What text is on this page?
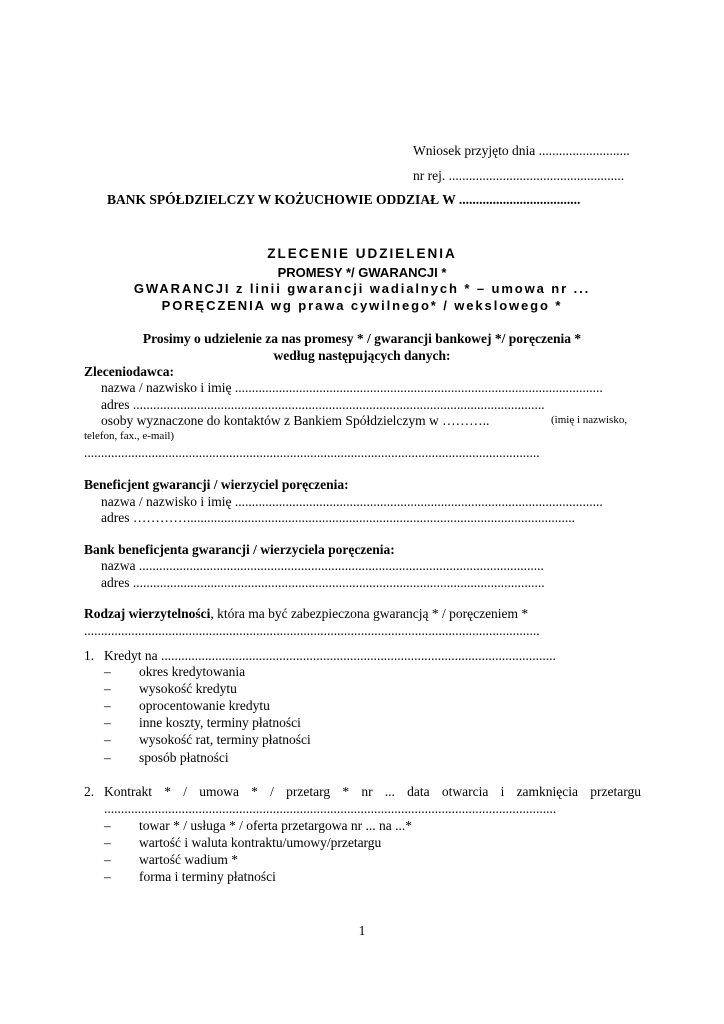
Wniosek przyjęto dnia ...........................
nr rej. ....................................................
BANK SPÓŁDZIELCZY W KOŻUCHOWIE ODDZIAŁ W ....................................
ZLECENIE UDZIELENIA
PROMESY */ GWARANCJI *
GWARANCJI z linii gwarancji wadialnych * – umowa nr ...
PORĘCZENIA wg prawa cywilnego* / wekslowego *
Prosimy o udzielenie za nas promesy * / gwarancji bankowej */ poręczenia *
według następujących danych:
Zleceniodawca:
nazwa / nazwisko i imię .............................................................................................................
adres ..........................................................................................................................
osoby wyznaczone do kontaktów z Bankiem Spółdzielczym w ………..	(imię i nazwisko,
telefon, fax., e-mail)
.......................................................................................................................................
Beneficjent gwarancji / wierzyciel poręczenia:
nazwa / nazwisko i imię .............................................................................................................
adres …………...................................................................................................................
Bank beneficjenta gwarancji / wierzyciela poręczenia:
nazwa ........................................................................................................................
adres ..........................................................................................................................
Rodzaj wierzytelności, która ma być zabezpieczona gwarancją * / poręczeniem *
.......................................................................................................................................
1. Kredyt na .....................................................................................................................
– okres kredytowania
– wysokość kredytu
– oprocentowanie kredytu
– inne koszty, terminy płatności
– wysokość rat, terminy płatności
– sposób płatności
2. Kontrakt * / umowa * / przetarg * nr ... data otwarcia i zamknięcia przetargu
......................................................................................................................................
– towar * / usługa * / oferta przetargowa nr ... na ...*
– wartość i waluta kontraktu/umowy/przetargu
– wartość wadium *
– forma i terminy płatności
1
